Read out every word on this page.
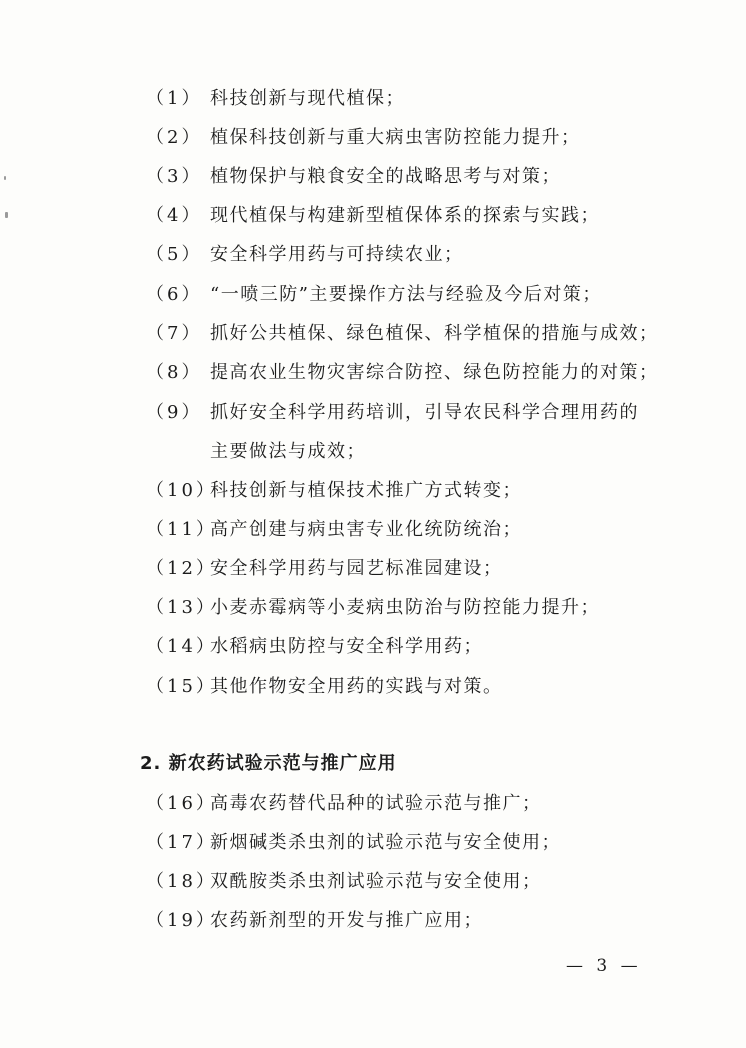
（1） 科技创新与现代植保；
（2） 植保科技创新与重大病虫害防控能力提升；
（3） 植物保护与粮食安全的战略思考与对策；
（4） 现代植保与构建新型植保体系的探索与实践；
（5） 安全科学用药与可持续农业；
（6） “一喷三防”主要操作方法与经验及今后对策；
（7） 抓好公共植保、绿色植保、科学植保的措施与成效；
（8） 提高农业生物灾害综合防控、绿色防控能力的对策；
（9） 抓好安全科学用药培训，引导农民科学合理用药的
主要做法与成效；
（10）
科技创新与植保技术推广方式转变；
（11）
高产创建与病虫害专业化统防统治；
（12）
安全科学用药与园艺标准园建设；
（13）
小麦赤霉病等小麦病虫防治与防控能力提升；
（14）
水稻病虫防控与安全科学用药；
（15）
其他作物安全用药的实践与对策。
2. 新农药试验示范与推广应用
（16）
高毒农药替代品种的试验示范与推广；
（17）
新烟碱类杀虫剂的试验示范与安全使用；
（18）
双酰胺类杀虫剂试验示范与安全使用；
（19）
农药新剂型的开发与推广应用；
— 3 —
